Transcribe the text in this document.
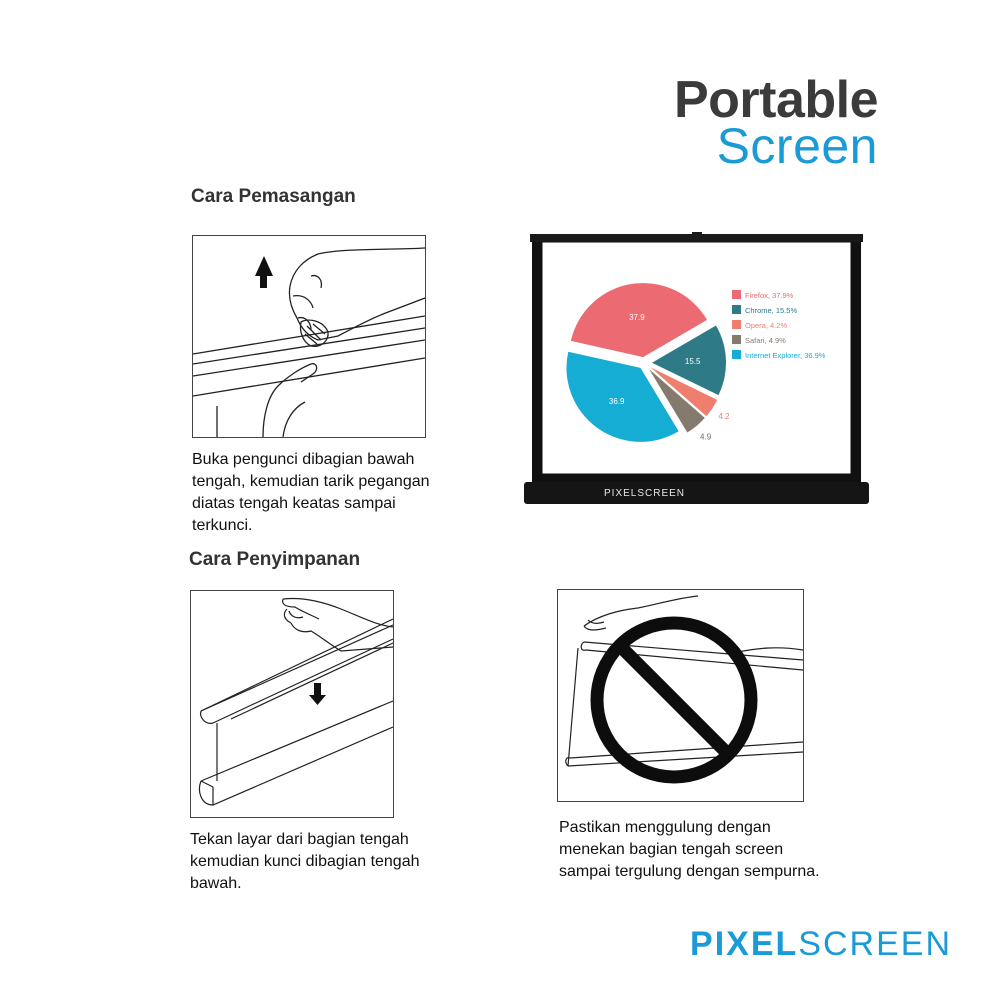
Portable
Screen
Cara Pemasangan
Buka pengunci dibagian bawah
tengah, kemudian tarik pegangan
diatas tengah keatas sampai
terkunci.
PIXELSCREEN
37.9
15.5
4.2
4.9
36.9
Firefox, 37.9%
Chrome, 15.5%
Opera, 4.2%
Safari, 4.9%
Internet Explorer, 36.9%
Cara Penyimpanan
Tekan layar dari bagian tengah
kemudian kunci dibagian tengah
bawah.
Pastikan menggulung dengan
menekan bagian tengah screen
sampai tergulung dengan sempurna.
PIXELSCREEN
